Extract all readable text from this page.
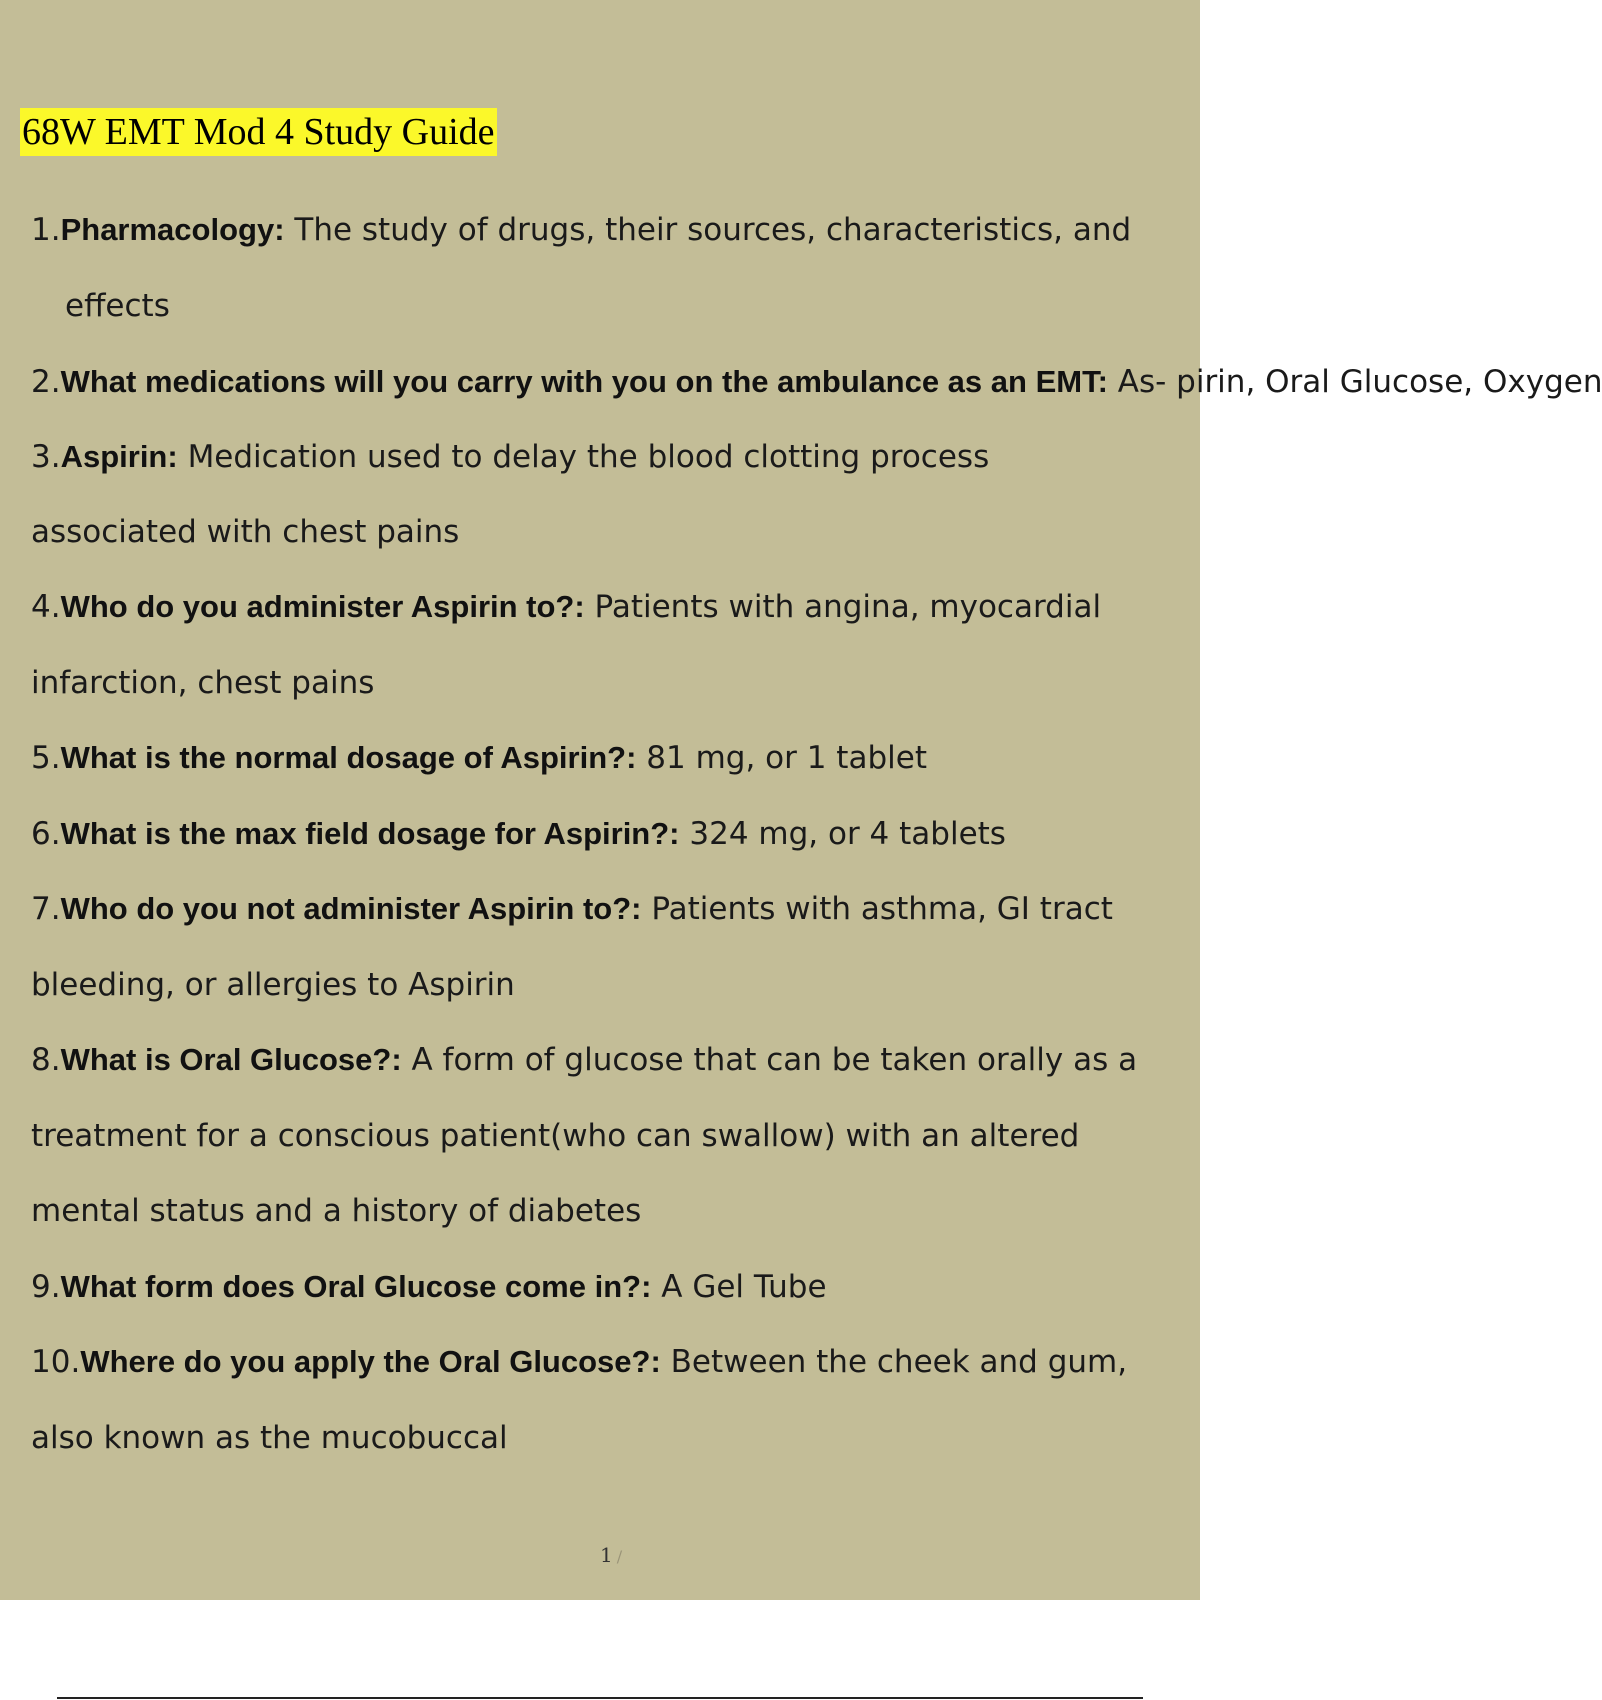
68W EMT Mod 4 Study Guide
1.Pharmacology: The study of drugs, their sources, characteristics, and
effects
2.What medications will you carry with you on the ambulance as an EMT: As- pirin, Oral Glucose, Oxygen
3.Aspirin: Medication used to delay the blood clotting process
associated with chest pains
4.Who do you administer Aspirin to?: Patients with angina, myocardial
infarction, chest pains
5.What is the normal dosage of Aspirin?: 81 mg, or 1 tablet
6.What is the max field dosage for Aspirin?: 324 mg, or 4 tablets
7.Who do you not administer Aspirin to?: Patients with asthma, GI tract
bleeding, or allergies to Aspirin
8.What is Oral Glucose?: A form of glucose that can be taken orally as a
treatment for a conscious patient(who can swallow) with an altered
mental status and a history of diabetes
9.What form does Oral Glucose come in?: A Gel Tube
10.Where do you apply the Oral Glucose?: Between the cheek and gum,
also known as the mucobuccal
1 /
